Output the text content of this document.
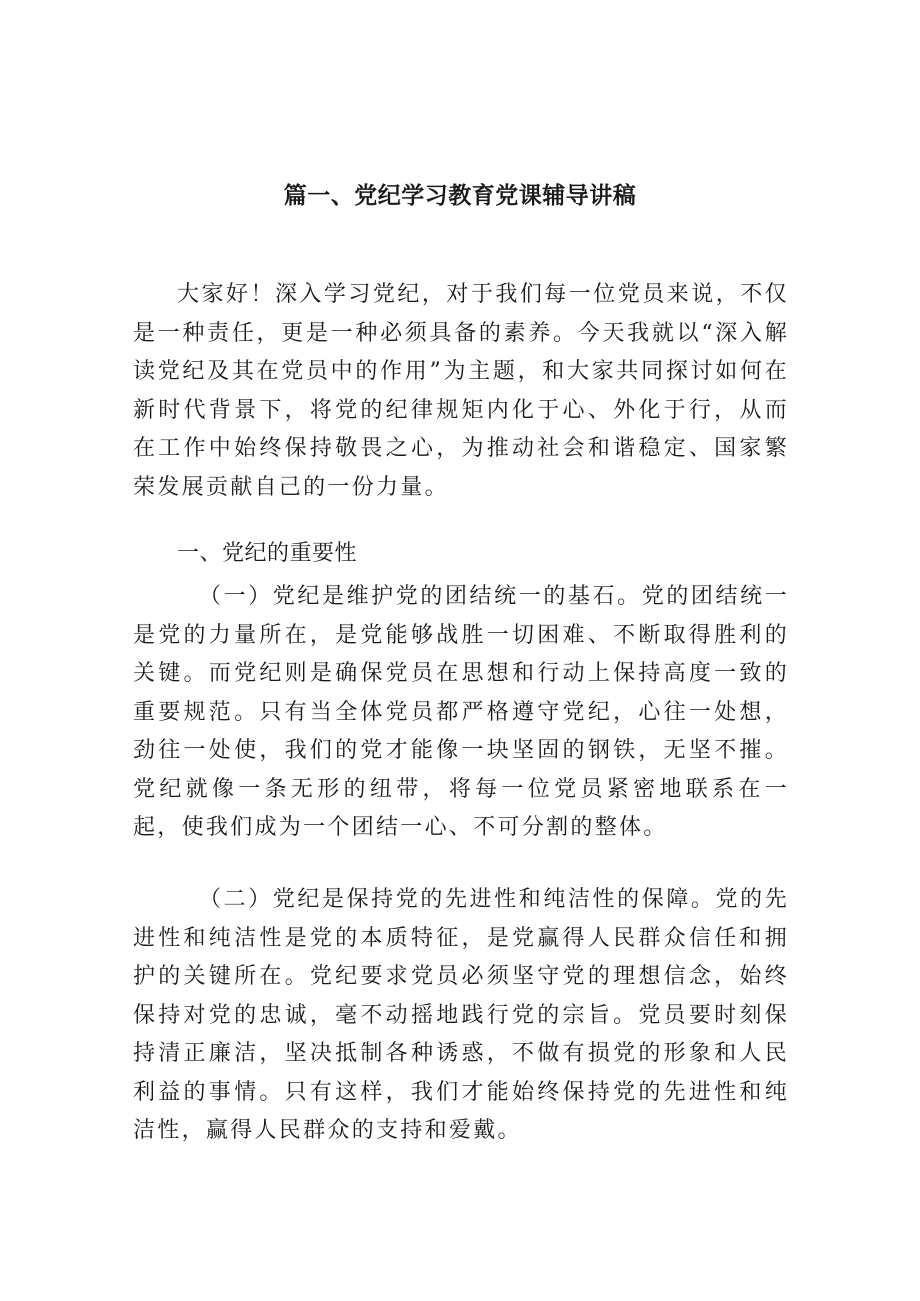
篇一、党纪学习教育党课辅导讲稿

大家好！深入学习党纪，对于我们每一位党员来说，不仅是一种责任，更是一种必须具备的素养。今天我就以“深入解读党纪及其在党员中的作用”为主题，和大家共同探讨如何在新时代背景下，将党的纪律规矩内化于心、外化于行，从而在工作中始终保持敬畏之心，为推动社会和谐稳定、国家繁荣发展贡献自己的一份力量。

一、党纪的重要性

（一）党纪是维护党的团结统一的基石。党的团结统一是党的力量所在，是党能够战胜一切困难、不断取得胜利的关键。而党纪则是确保党员在思想和行动上保持高度一致的重要规范。只有当全体党员都严格遵守党纪，心往一处想，劲往一处使，我们的党才能像一块坚固的钢铁，无坚不摧。党纪就像一条无形的纽带，将每一位党员紧密地联系在一起，使我们成为一个团结一心、不可分割的整体。

（二）党纪是保持党的先进性和纯洁性的保障。党的先进性和纯洁性是党的本质特征，是党赢得人民群众信任和拥护的关键所在。党纪要求党员必须坚守党的理想信念，始终保持对党的忠诚，毫不动摇地践行党的宗旨。党员要时刻保持清正廉洁，坚决抵制各种诱惑，不做有损党的形象和人民利益的事情。只有这样，我们才能始终保持党的先进性和纯洁性，赢得人民群众的支持和爱戴。
